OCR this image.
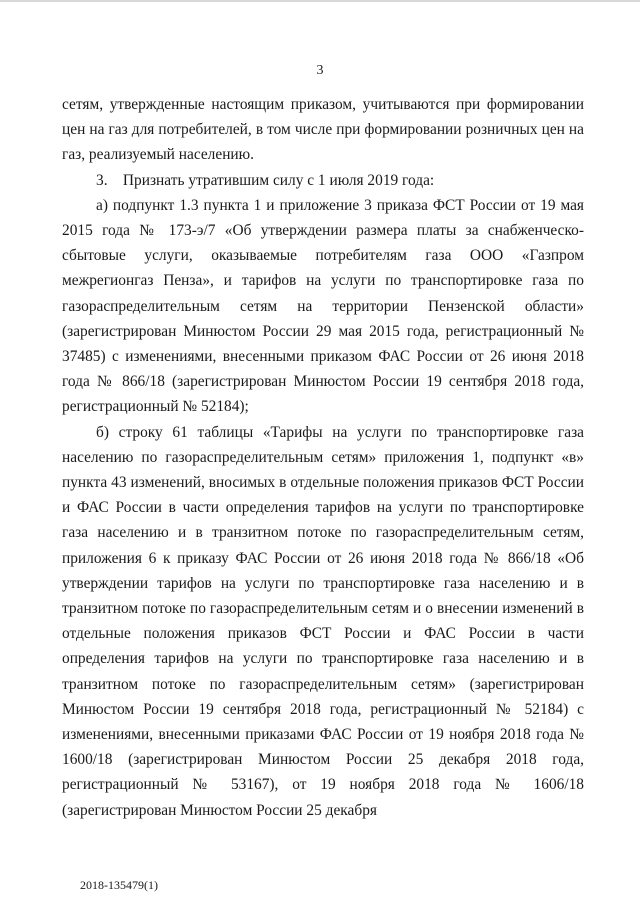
3

сетям, утвержденные настоящим приказом, учитываются при формировании цен на газ для потребителей, в том числе при формировании розничных цен на газ, реализуемый населению.

3. Признать утратившим силу с 1 июля 2019 года:

а) подпункт 1.3 пункта 1 и приложение 3 приказа ФСТ России от 19 мая 2015 года № 173-э/7 «Об утверждении размера платы за снабженческо-сбытовые услуги, оказываемые потребителям газа ООО «Газпром межрегионгаз Пенза», и тарифов на услуги по транспортировке газа по газораспределительным сетям на территории Пензенской области» (зарегистрирован Минюстом России 29 мая 2015 года, регистрационный № 37485) с изменениями, внесенными приказом ФАС России от 26 июня 2018 года № 866/18 (зарегистрирован Минюстом России 19 сентября 2018 года, регистрационный № 52184);

б) строку 61 таблицы «Тарифы на услуги по транспортировке газа населению по газораспределительным сетям» приложения 1, подпункт «в» пункта 43 изменений, вносимых в отдельные положения приказов ФСТ России и ФАС России в части определения тарифов на услуги по транспортировке газа населению и в транзитном потоке по газораспределительным сетям, приложения 6 к приказу ФАС России от 26 июня 2018 года № 866/18 «Об утверждении тарифов на услуги по транспортировке газа населению и в транзитном потоке по газораспределительным сетям и о внесении изменений в отдельные положения приказов ФСТ России и ФАС России в части определения тарифов на услуги по транспортировке газа населению и в транзитном потоке по газораспределительным сетям» (зарегистрирован Минюстом России 19 сентября 2018 года, регистрационный № 52184) с изменениями, внесенными приказами ФАС России от 19 ноября 2018 года № 1600/18 (зарегистрирован Минюстом России 25 декабря 2018 года, регистрационный № 53167), от 19 ноября 2018 года № 1606/18 (зарегистрирован Минюстом России 25 декабря

2018-135479(1)
